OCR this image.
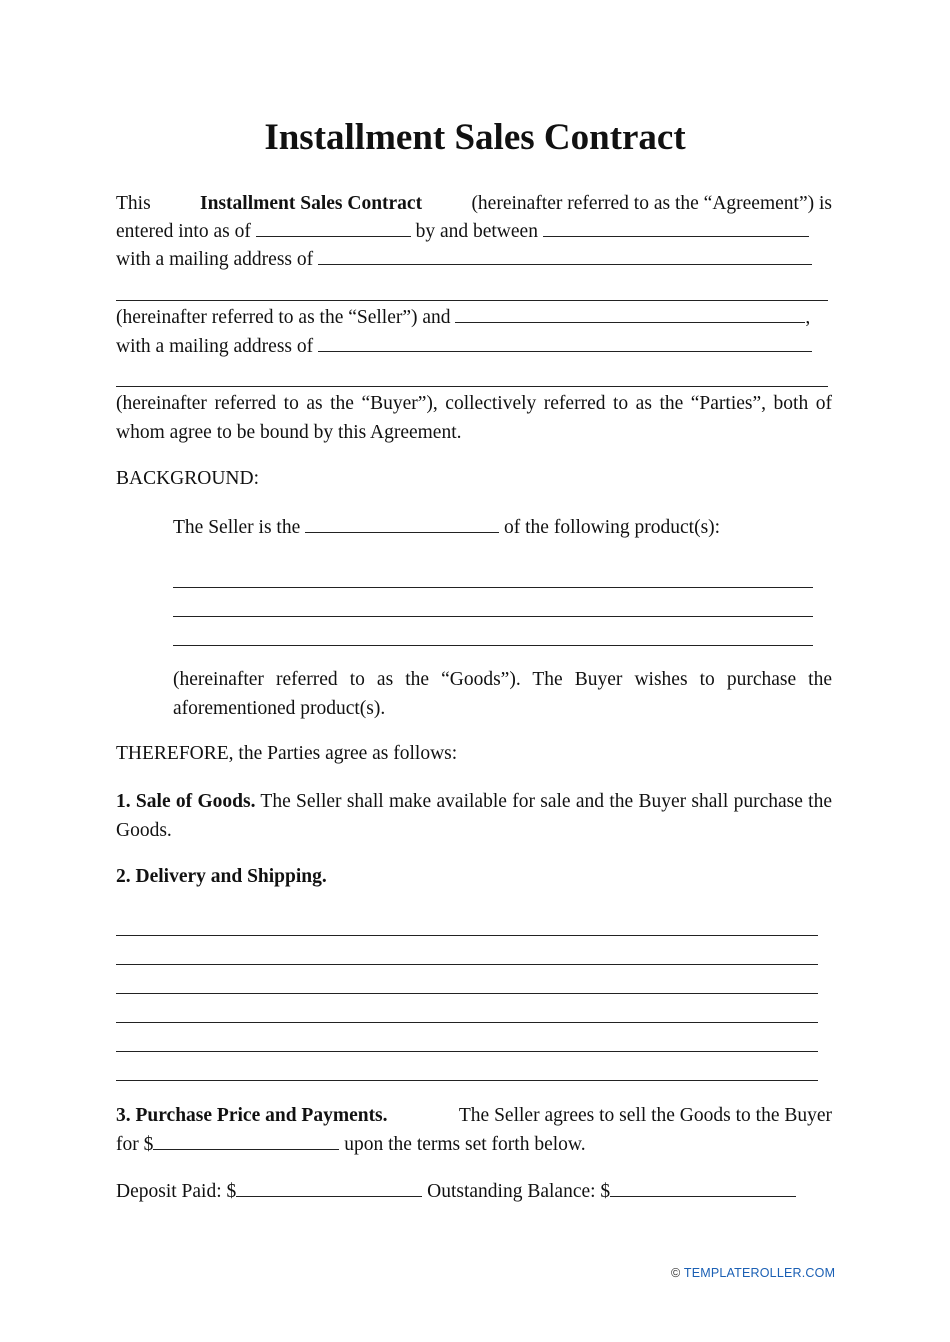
Installment Sales Contract
This	Installment Sales Contract	(hereinafter referred to as the “Agreement”) is
entered into as of	by and between
with a mailing address of
(hereinafter referred to as the “Seller”) and	,
with a mailing address of
(hereinafter referred to as the “Buyer”), collectively referred to as the “Parties”, both of whom agree to be bound by this Agreement.
BACKGROUND:
The Seller is the	of the following product(s):
(hereinafter referred to as the “Goods”). The Buyer wishes to purchase the aforementioned product(s).
THEREFORE, the Parties agree as follows:
1. Sale of Goods. The Seller shall make available for sale and the Buyer shall purchase the Goods.
2. Delivery and Shipping.
3. Purchase Price and Payments.	The Seller agrees to sell the Goods to the Buyer
for $	upon the terms set forth below.
Deposit Paid: $	Outstanding Balance: $
© TEMPLATEROLLER.COM
